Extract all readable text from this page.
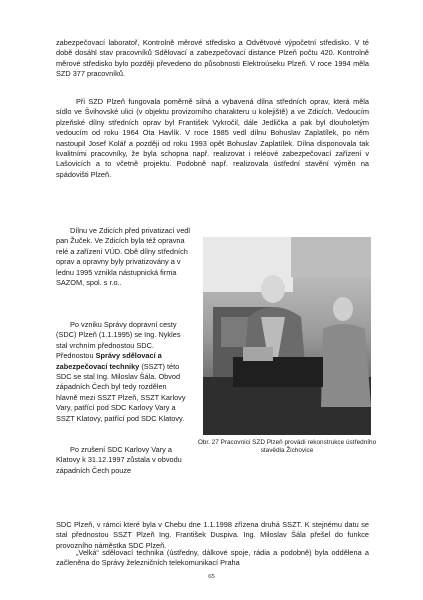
zabezpečovací laboratoř, Kontrolně měrové středisko a Odvětvové výpočetní středisko. V té době dosáhl stav pracovníků Sdělovací a zabezpečovací distance Plzeň počtu 420. Kontrolně měrové středisko bylo později převedeno do působnosti Elektroúseku Plzeň. V roce 1994 měla SZD 377 pracovníků.

Při SZD Plzeň fungovala poměrně silná a vybavená dílna středních oprav, která měla sídlo ve Švihovské ulici (v objektu provizorního charakteru u kolejiště) a ve Zdicích. Vedoucím plzeňské dílny středních oprav byl František Vykročil, dále Jedlička a pak byl dlouholetým vedoucím od roku 1964 Ota Havlík. V roce 1985 vedl dílnu Bohuslav Zaplatílek, po něm nastoupil Josef Kolář a později od roku 1993 opět Bohuslav Zaplatílek. Dílna disponovala tak kvalitními pracovníky, že byla schopna např. realizovat i reléové zabezpečovací zařízení v Lašovicích a to včetně projektu. Podobně např. realizovala ústřední stavění výměn na spádovišti Plzeň.

Dílnu ve Zdicích před privatizací vedl pan Žuček. Ve Zdicích byla též opravna relé a zařízení VÚD. Obě dílny středních oprav a opravny byly privatizovány a v lednu 1995 vznikla nástupnická firma SAZOM, spol. s r.o..

Po vzniku Správy dopravní cesty (SDC) Plzeň (1.1.1995) se Ing. Nykles stal vrchním přednostou SDC. Přednostou Správy sdělovací a zabezpečovací techniky (SSZT) této SDC se stal Ing. Miloslav Šála. Obvod západních Čech byl tedy rozdělen hlavně mezi SSZT Plzeň, SSZT Karlovy Vary, patřící pod SDC Karlovy Vary a SSZT Klatovy, patřící pod SDC Klatovy.

Po zrušení SDC Karlovy Vary a Klatovy k 31.12.1997 zůstala v obvodu západních Čech pouze

Obr. 27 Pracovníci SZD Plzeň provádí rekonstrukce ústředního stavědla Žichovice

SDC Plzeň, v rámci které byla v Chebu dne 1.1.1998 zřízena druhá SSZT. K stejnému datu se stal přednostou SSZT Plzeň Ing. František Duspiva. Ing. Miloslav Šála přešel do funkce provozního náměstka SDC Plzeň.

„Velká“ sdělovací technika (ústředny, dálkové spoje, rádia a podobně) byla oddělena a začleněna do Správy železničních telekomunikací Praha

65
